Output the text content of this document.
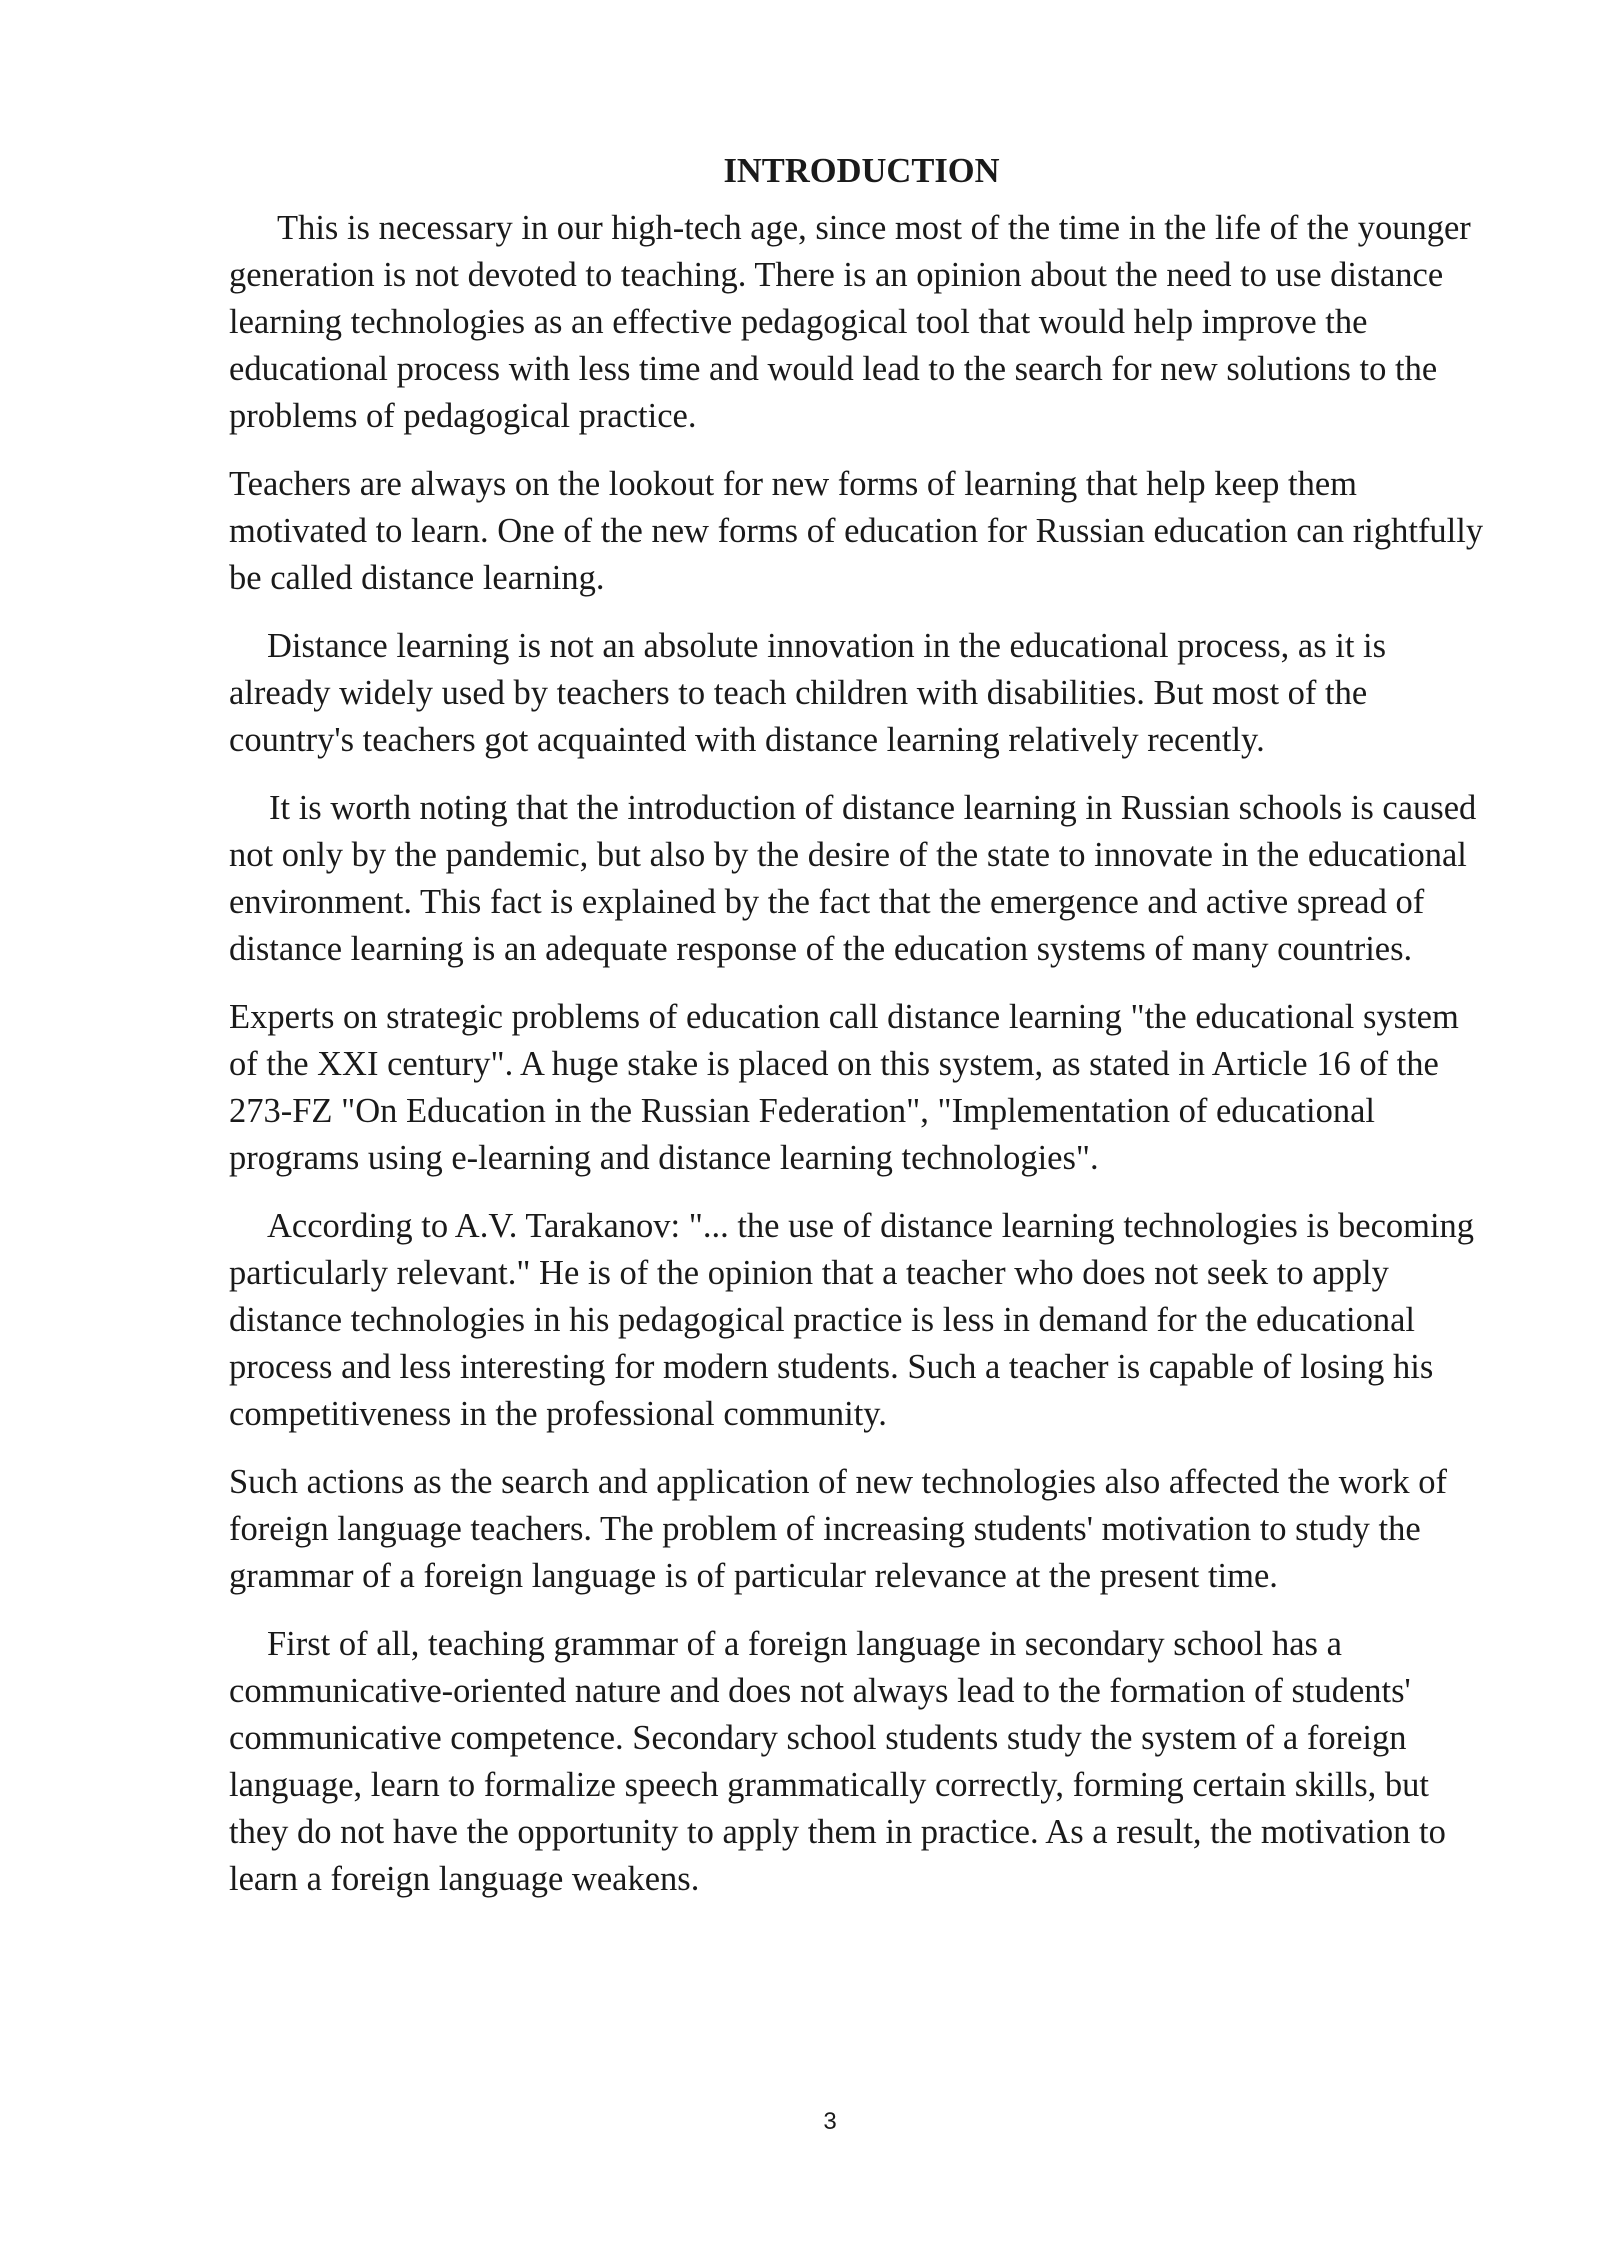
INTRODUCTION

This is necessary in our high-tech age, since most of the time in the life of the younger generation is not devoted to teaching. There is an opinion about the need to use distance learning technologies as an effective pedagogical tool that would help improve the educational process with less time and would lead to the search for new solutions to the problems of pedagogical practice.

Teachers are always on the lookout for new forms of learning that help keep them motivated to learn. One of the new forms of education for Russian education can rightfully be called distance learning.

Distance learning is not an absolute innovation in the educational process, as it is already widely used by teachers to teach children with disabilities. But most of the country's teachers got acquainted with distance learning relatively recently.

It is worth noting that the introduction of distance learning in Russian schools is caused not only by the pandemic, but also by the desire of the state to innovate in the educational environment. This fact is explained by the fact that the emergence and active spread of distance learning is an adequate response of the education systems of many countries.

Experts on strategic problems of education call distance learning "the educational system of the XXI century". A huge stake is placed on this system, as stated in Article 16 of the 273-FZ "On Education in the Russian Federation", "Implementation of educational programs using e-learning and distance learning technologies".

According to A.V. Tarakanov: "... the use of distance learning technologies is becoming particularly relevant." He is of the opinion that a teacher who does not seek to apply distance technologies in his pedagogical practice is less in demand for the educational process and less interesting for modern students. Such a teacher is capable of losing his competitiveness in the professional community.

Such actions as the search and application of new technologies also affected the work of foreign language teachers. The problem of increasing students' motivation to study the grammar of a foreign language is of particular relevance at the present time.

First of all, teaching grammar of a foreign language in secondary school has a communicative-oriented nature and does not always lead to the formation of students' communicative competence. Secondary school students study the system of a foreign language, learn to formalize speech grammatically correctly, forming certain skills, but they do not have the opportunity to apply them in practice. As a result, the motivation to learn a foreign language weakens.

3
